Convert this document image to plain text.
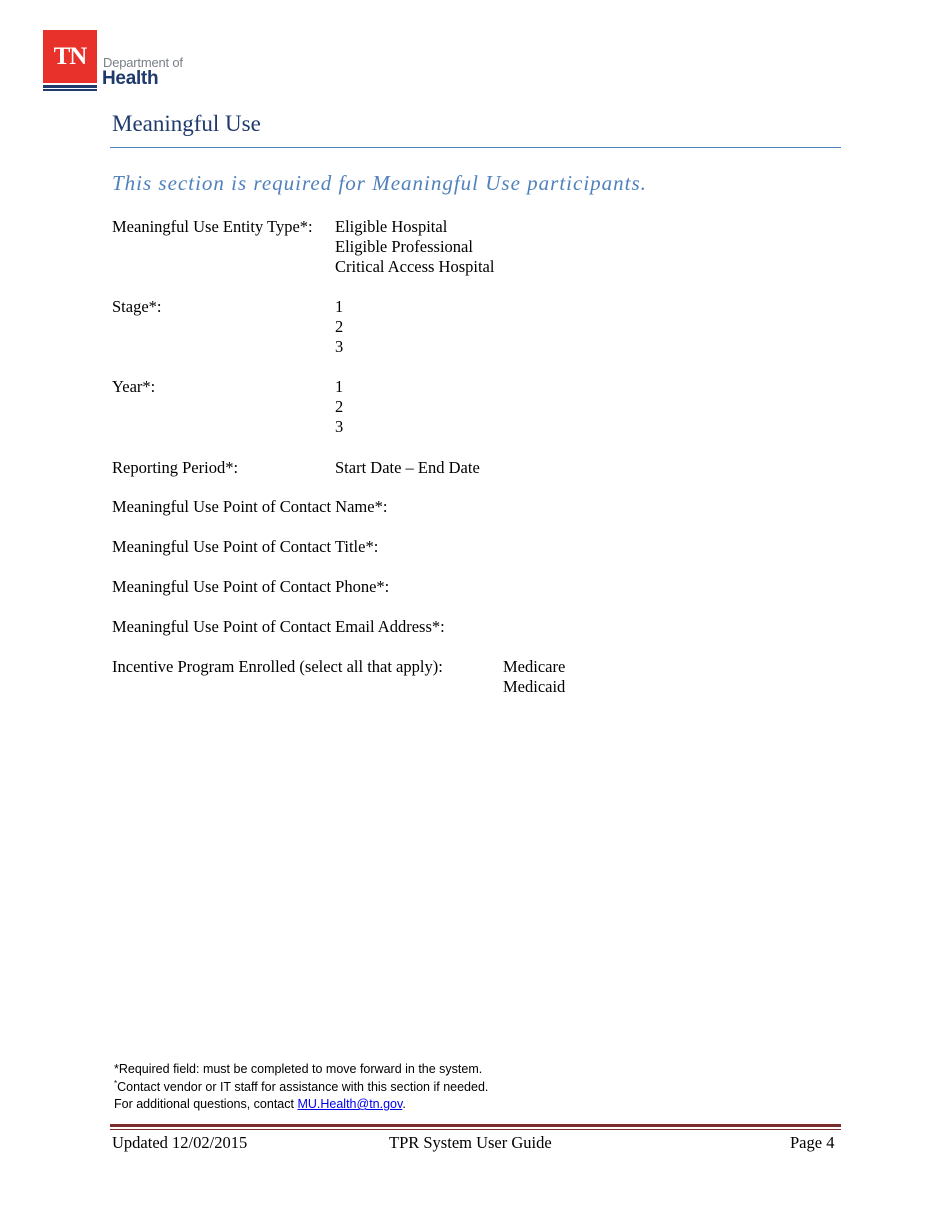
TN	Department of
Health
Meaningful Use
This section is required for Meaningful Use participants.
Meaningful Use Entity Type*: Eligible Hospital
Eligible Professional
Critical Access Hospital
Stage*:	1
2
3
Year*:	1
2
3
Reporting Period*:	Start Date – End Date
Meaningful Use Point of Contact Name*:
Meaningful Use Point of Contact Title*:
Meaningful Use Point of Contact Phone*:
Meaningful Use Point of Contact Email Address*:
Incentive Program Enrolled (select all that apply):	Medicare
Medicaid
*Required field: must be completed to move forward in the system.
*Contact vendor or IT staff for assistance with this section if needed.
For additional questions, contact MU.Health@tn.gov.
Updated 12/02/2015	TPR System User Guide	Page 4
